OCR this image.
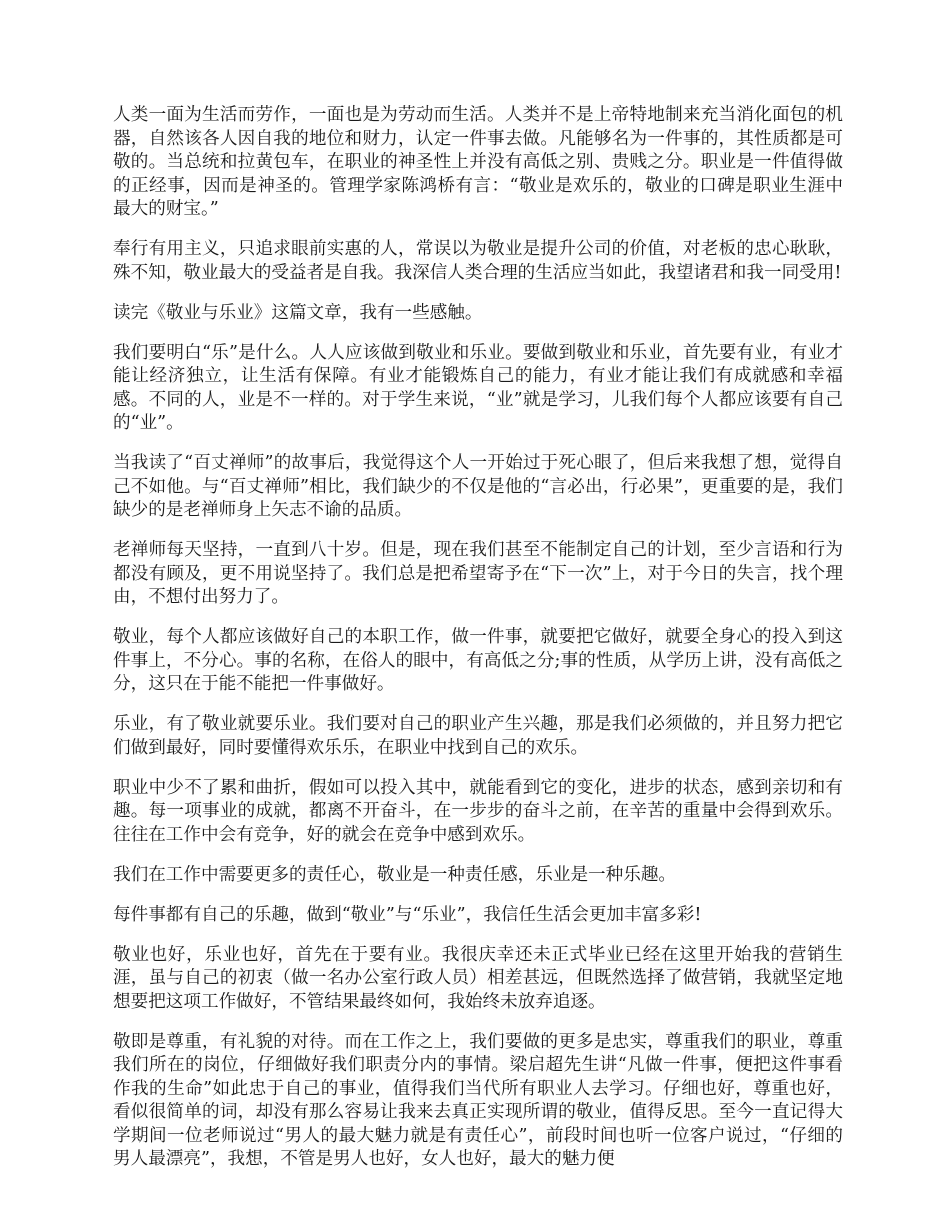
人类一面为生活而劳作，一面也是为劳动而生活。人类并不是上帝特地制来充当消化面包的机器，自然该各人因自我的地位和财力，认定一件事去做。凡能够名为一件事的，其性质都是可敬的。当总统和拉黄包车，在职业的神圣性上并没有高低之别、贵贱之分。职业是一件值得做的正经事，因而是神圣的。管理学家陈鸿桥有言：“敬业是欢乐的，敬业的口碑是职业生涯中最大的财宝。”

奉行有用主义，只追求眼前实惠的人，常误以为敬业是提升公司的价值，对老板的忠心耿耿，殊不知，敬业最大的受益者是自我。我深信人类合理的生活应当如此，我望诸君和我一同受用!

读完《敬业与乐业》这篇文章，我有一些感触。

我们要明白“乐”是什么。人人应该做到敬业和乐业。要做到敬业和乐业，首先要有业，有业才能让经济独立，让生活有保障。有业才能锻炼自己的能力，有业才能让我们有成就感和幸福感。不同的人，业是不一样的。对于学生来说，“业”就是学习，儿我们每个人都应该要有自己的“业”。

当我读了“百丈禅师”的故事后，我觉得这个人一开始过于死心眼了，但后来我想了想，觉得自己不如他。与“百丈禅师”相比，我们缺少的不仅是他的“言必出，行必果”，更重要的是，我们缺少的是老禅师身上矢志不谕的品质。

老禅师每天坚持，一直到八十岁。但是，现在我们甚至不能制定自己的计划，至少言语和行为都没有顾及，更不用说坚持了。我们总是把希望寄予在“下一次”上，对于今日的失言，找个理由，不想付出努力了。

敬业，每个人都应该做好自己的本职工作，做一件事，就要把它做好，就要全身心的投入到这件事上，不分心。事的名称，在俗人的眼中，有高低之分;事的性质，从学历上讲，没有高低之分，这只在于能不能把一件事做好。

乐业，有了敬业就要乐业。我们要对自己的职业产生兴趣，那是我们必须做的，并且努力把它们做到最好，同时要懂得欢乐乐，在职业中找到自己的欢乐。

职业中少不了累和曲折，假如可以投入其中，就能看到它的变化，进步的状态，感到亲切和有趣。每一项事业的成就，都离不开奋斗，在一步步的奋斗之前，在辛苦的重量中会得到欢乐。往往在工作中会有竞争，好的就会在竞争中感到欢乐。

我们在工作中需要更多的责任心，敬业是一种责任感，乐业是一种乐趣。

每件事都有自己的乐趣，做到“敬业”与“乐业”，我信任生活会更加丰富多彩!

敬业也好，乐业也好，首先在于要有业。我很庆幸还未正式毕业已经在这里开始我的营销生涯，虽与自己的初衷（做一名办公室行政人员）相差甚远，但既然选择了做营销，我就坚定地想要把这项工作做好，不管结果最终如何，我始终未放弃追逐。

敬即是尊重，有礼貌的对待。而在工作之上，我们要做的更多是忠实，尊重我们的职业，尊重我们所在的岗位，仔细做好我们职责分内的事情。梁启超先生讲“凡做一件事，便把这件事看作我的生命”如此忠于自己的事业，值得我们当代所有职业人去学习。仔细也好，尊重也好，看似很简单的词，却没有那么容易让我来去真正实现所谓的敬业，值得反思。至今一直记得大学期间一位老师说过“男人的最大魅力就是有责任心”，前段时间也听一位客户说过，“仔细的男人最漂亮”，我想，不管是男人也好，女人也好，最大的魅力便
